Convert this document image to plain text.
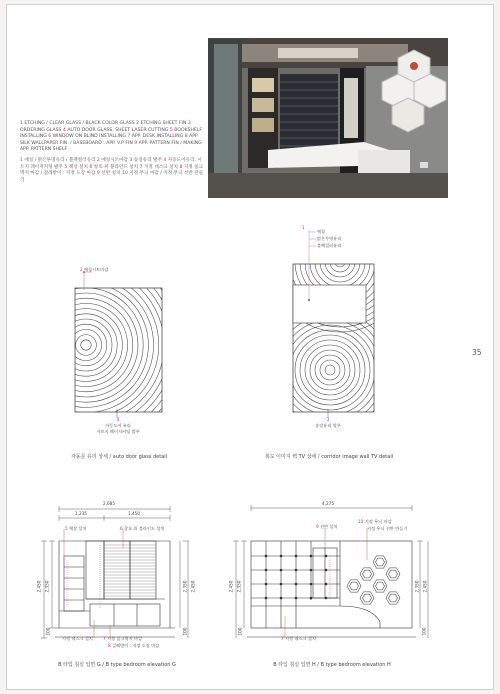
1 ETCHING / CLEAR GLASS / BLACK COLOR GLASS 2 ETCHING SHEET FIN.3 ORDERING GLASS 4 AUTO DOOR GLASS, SHEET LASER CUTTING 5 BOOKSHELF INSTALLING 6 WINDOW ON BLIND INSTALLING 7 APP. DESK INSTALLING 8 APP. SILK WALLPAPER FIN. / BASEBOARD : APP. V.P FIN 9 APP. PATTERN FIN / MAKING APP. PATTERN SHELF

1 에칭 / 맑은투명유리 / 블랙컬러유리 2 에칭시트마감 3 송장유리 발주 4 자동도어유리, 시트지 레이저커팅 발주 5 책장 설치 6 창호 위 블라인드 설치 7 지정 데스크 설치 8 지정 실크벽지 마감 / 걸레받이 : 지정 도장 마감 9 선반 설치 10 지정 무늬 마감 / 지정 무늬 선반 만들기

35
2 에칭시트마감
4
자동도어 유리
시트지 레이저커팅 발주
자동문 유리 상세 / auto door glass detail
1
에칭
맑은투명유리
블랙컬러유리
3
송장유리 발주
복도 이미지 벽 TV 상세 / corridor image wall TV detail
2,685
1,235	1,450
2,450 2,350
100
2,350 2,450
100
5 책장 설치	6 창호 위 블라인드 설치
지정 데스크 설치 7 지정 실크벽지 마감
8 걸레받이 : 지정 도장 마감
B 타입 침실 입면 G / B type bedroom elevation G
4,275
2,450 2,350
100
2,350 2,450
100
9 선반 설치
10 지정 무늬 마감
지정 무늬 선반 만들기
7 지정 데스크 설치
B 타입 침실 입면 H / B type bedroom elevation H
